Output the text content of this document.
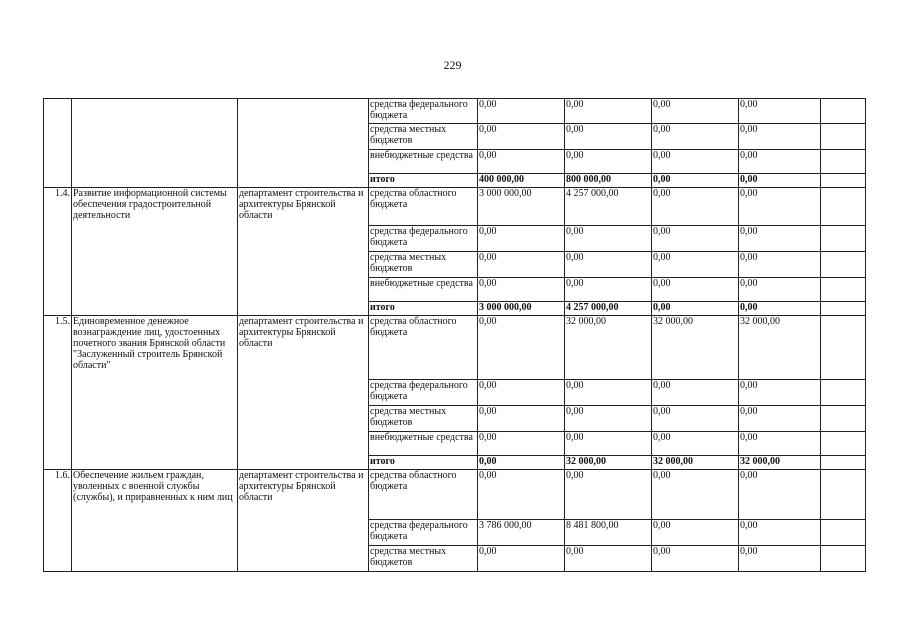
229
			средства федерального бюджета	0,00	0,00	0,00	0,00	
			средства местных бюджетов	0,00	0,00	0,00	0,00	
			внебюджетные средства	0,00	0,00	0,00	0,00	
			итого	400 000,00	800 000,00	0,00	0,00	
1.4.	Развитие информационной системы обеспечения градостроительной деятельности	департамент строительства и архитектуры Брянской области	средства областного бюджета	3 000 000,00	4 257 000,00	0,00	0,00	
			средства федерального бюджета	0,00	0,00	0,00	0,00	
			средства местных бюджетов	0,00	0,00	0,00	0,00	
			внебюджетные средства	0,00	0,00	0,00	0,00	
			итого	3 000 000,00	4 257 000,00	0,00	0,00	
1.5.	Единовременное денежное вознаграждение лиц, удостоенных почетного звания Брянской области "Заслуженный строитель Брянской области"	департамент строительства и архитектуры Брянской области	средства областного бюджета	0,00	32 000,00	32 000,00	32 000,00	
			средства федерального бюджета	0,00	0,00	0,00	0,00	
			средства местных бюджетов	0,00	0,00	0,00	0,00	
			внебюджетные средства	0,00	0,00	0,00	0,00	
			итого	0,00	32 000,00	32 000,00	32 000,00	
1.6.	Обеспечение жильем граждан, уволенных с военной службы (службы), и приравненных к ним лиц	департамент строительства и архитектуры Брянской области	средства областного бюджета	0,00	0,00	0,00	0,00	
			средства федерального бюджета	3 786 000,00	8 481 800,00	0,00	0,00	
			средства местных бюджетов	0,00	0,00	0,00	0,00	
